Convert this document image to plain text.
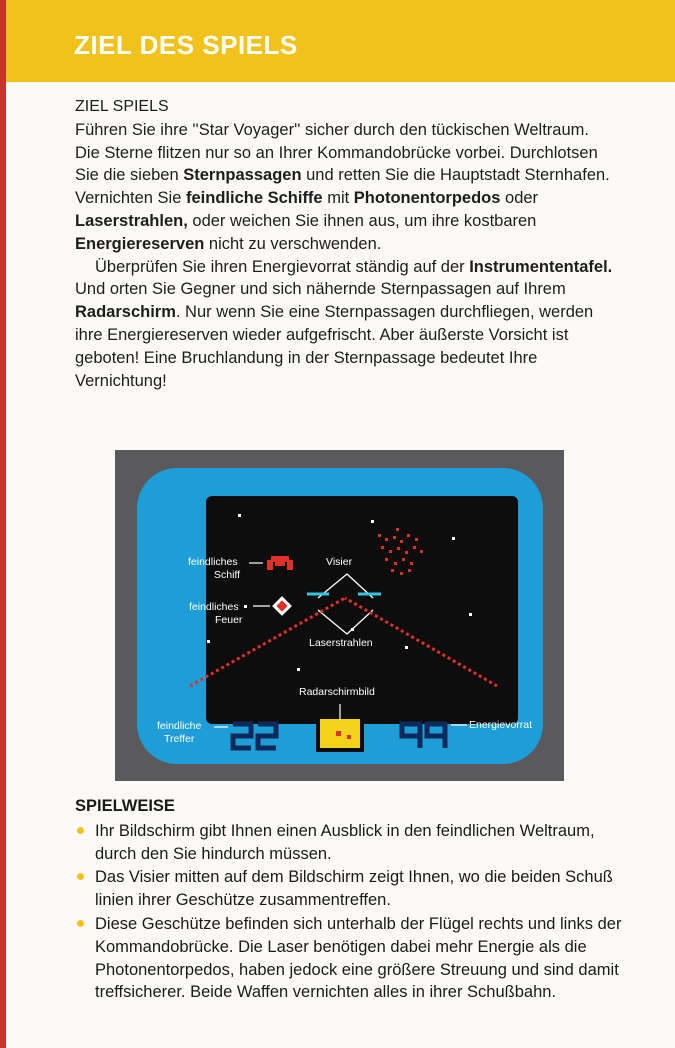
ZIEL DES SPIELS
ZIEL SPIELS

Führen Sie ihre ''Star Voyager'' sicher durch den tückischen Weltraum. Die Sterne flitzen nur so an Ihrer Kommandobrücke vorbei. Durchlotsen Sie die sieben Sternpassagen und retten Sie die Hauptstadt Sternhafen. Vernichten Sie feindliche Schiffe mit Photonentorpedos oder Laserstrahlen, oder weichen Sie ihnen aus, um ihre kostbaren Energiereserven nicht zu verschwenden.

Überprüfen Sie ihren Energievorrat ständig auf der Instrumententafel. Und orten Sie Gegner und sich nähernde Sternpassagen auf Ihrem Radarschirm. Nur wenn Sie eine Sternpassagen durchfliegen, werden ihre Energiereserven wieder aufgefrischt. Aber äußerste Vorsicht ist geboten! Eine Bruchlandung in der Sternpassage bedeutet Ihre Vernichtung!

feindliches
Schiff
Visier
feindliches
Feuer
Laserstrahlen
Radarschirmbild
feindliche
Treffer
Energievorrat
SPIELWEISE
Ihr Bildschirm gibt Ihnen einen Ausblick in den feindlichen Weltraum, durch den Sie hindurch müssen.
Das Visier mitten auf dem Bildschirm zeigt Ihnen, wo die beiden Schuß linien ihrer Geschütze zusammentreffen.
Diese Geschütze befinden sich unterhalb der Flügel rechts und links der Kommandobrücke. Die Laser benötigen dabei mehr Energie als die Photonentorpedos, haben jedock eine größere Streuung und sind damit treffsicherer. Beide Waffen vernichten alles in ihrer Schußbahn.
